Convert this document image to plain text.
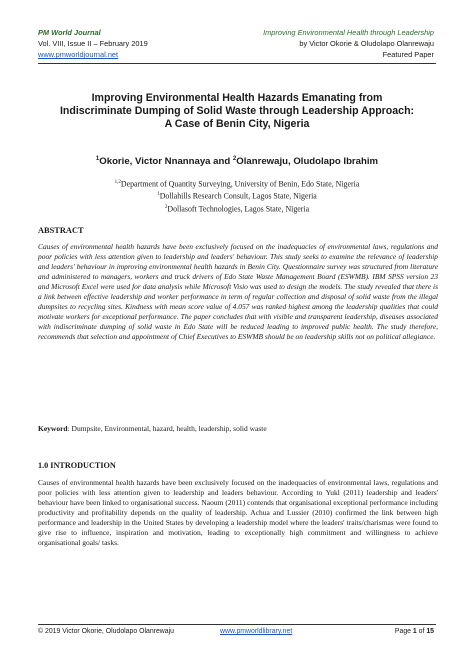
PM World Journal
Vol. VIII, Issue II – February 2019
www.pmworldjournal.net
Improving Environmental Health through Leadership
by Victor Okorie & Oludolapo Olanrewaju
Featured Paper
Improving Environmental Health Hazards Emanating from
Indiscriminate Dumping of Solid Waste through Leadership Approach:
A Case of Benin City, Nigeria
$^1$Okorie, Victor Nnannaya and $^2$Olanrewaju, Oludolapo Ibrahim
$^{1,2}$Department of Quantity Surveying, University of Benin, Edo State, Nigeria
$^1$Dollahills Research Consult, Lagos State, Nigeria
$^2$Dollasoft Technologies, Lagos State, Nigeria
ABSTRACT

Causes of environmental health hazards have been exclusively focused on the inadequacies of environmental laws, regulations and poor policies with less attention given to leadership and leaders' behaviour. This study seeks to examine the relevance of leadership and leaders' behaviour in improving environmental health hazards in Benin City. Questionnaire survey was structured from literature and administered to managers, workers and truck drivers of Edo State Waste Management Board (ESWMB). IBM SPSS version 23 and Microsoft Excel were used for data analysis while Microsoft Visio was used to design the models. The study revealed that there is a link between effective leadership and worker performance in term of regular collection and disposal of solid waste from the illegal dumpsites to recycling sites. Kindness with mean score value of 4.057 was ranked highest among the leadership qualities that could motivate workers for exceptional performance. The paper concludes that with visible and transparent leadership, diseases associated with indiscriminate dumping of solid waste in Edo State will be reduced leading to improved public health. The study therefore, recommends that selection and appointment of Chief Executives to ESWMB should be on leadership skills not on political allegiance.

Keyword: Dumpsite, Environmental, hazard, health, leadership, solid waste
1.0 INTRODUCTION

Causes of environmental health hazards have been exclusively focused on the inadequacies of environmental laws, regulations and poor policies with less attention given to leadership and leaders behaviour. According to Yukl (2011) leadership and leaders' behaviour have been linked to organisational success. Naoum (2011) contends that organisational exceptional performance including productivity and profitability depends on the quality of leadership. Achua and Lussier (2010) confirmed the link between high performance and leadership in the United States by developing a leadership model where the leaders' traits/charismas were found to give rise to influence, inspiration and motivation, leading to exceptionally high commitment and willingness to achieve organisational goals/ tasks.

© 2019 Victor Okorie, Oludolapo Olanrewaju	www.pmworldlibrary.net	Page 1 of 15
